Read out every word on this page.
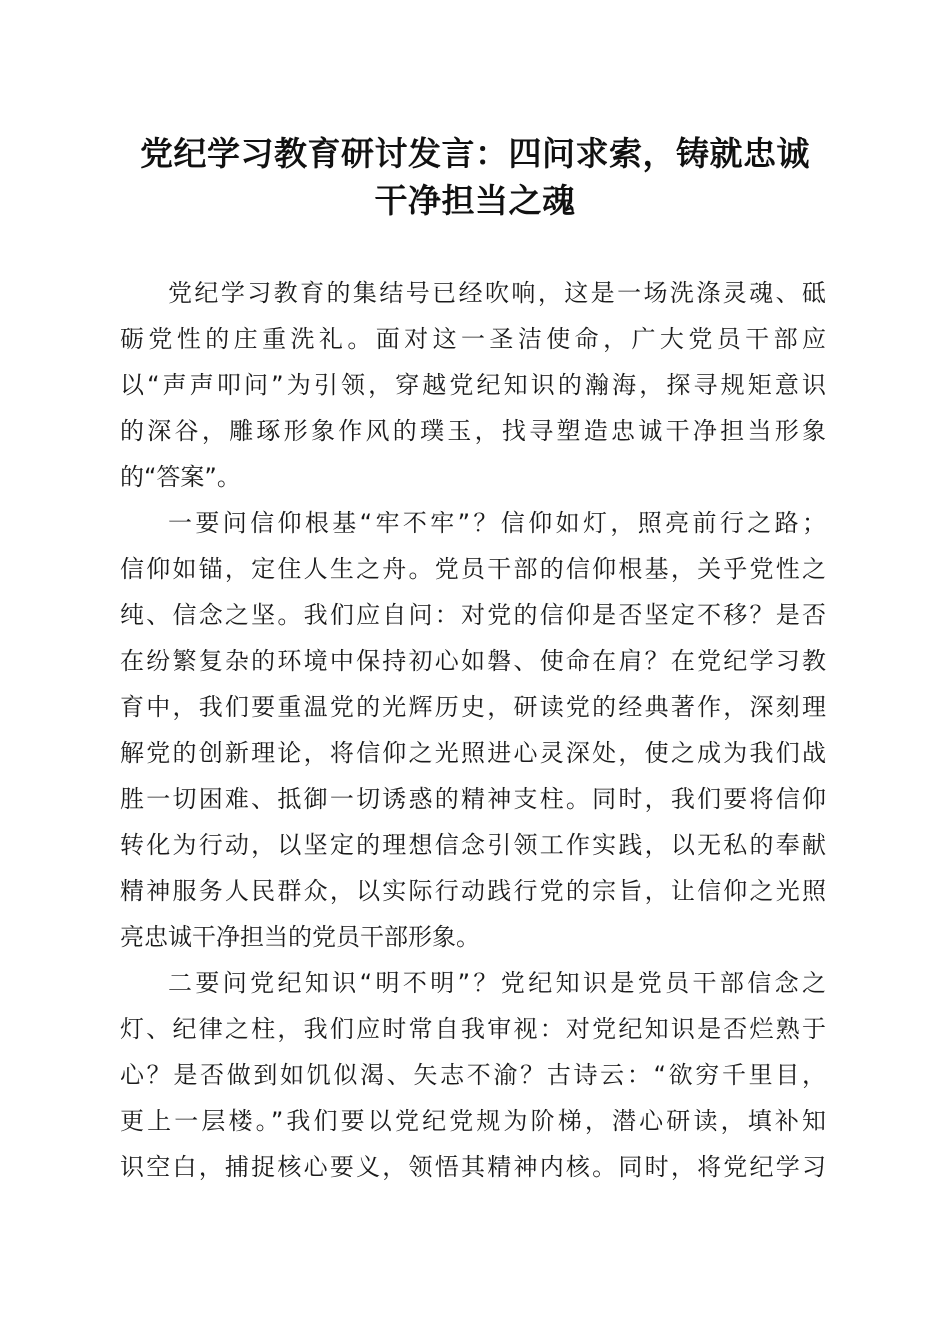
党纪学习教育研讨发言：四问求索，铸就忠诚
干净担当之魂
党纪学习教育的集结号已经吹响，这是一场洗涤灵魂、砥
砺党性的庄重洗礼。面对这一圣洁使命，广大党员干部应
以“声声叩问”为引领，穿越党纪知识的瀚海，探寻规矩意识
的深谷，雕琢形象作风的璞玉，找寻塑造忠诚干净担当形象
的“答案”。
一要问信仰根基“牢不牢”？信仰如灯，照亮前行之路；
信仰如锚，定住人生之舟。党员干部的信仰根基，关乎党性之
纯、信念之坚。我们应自问：对党的信仰是否坚定不移？是否
在纷繁复杂的环境中保持初心如磐、使命在肩？在党纪学习教
育中，我们要重温党的光辉历史，研读党的经典著作，深刻理
解党的创新理论，将信仰之光照进心灵深处，使之成为我们战
胜一切困难、抵御一切诱惑的精神支柱。同时，我们要将信仰
转化为行动，以坚定的理想信念引领工作实践，以无私的奉献
精神服务人民群众，以实际行动践行党的宗旨，让信仰之光照
亮忠诚干净担当的党员干部形象。
二要问党纪知识“明不明”？党纪知识是党员干部信念之
灯、纪律之柱，我们应时常自我审视：对党纪知识是否烂熟于
心？是否做到如饥似渴、矢志不渝？古诗云：“欲穷千里目，
更上一层楼。”我们要以党纪党规为阶梯，潜心研读，填补知
识空白，捕捉核心要义，领悟其精神内核。同时，将党纪学习
